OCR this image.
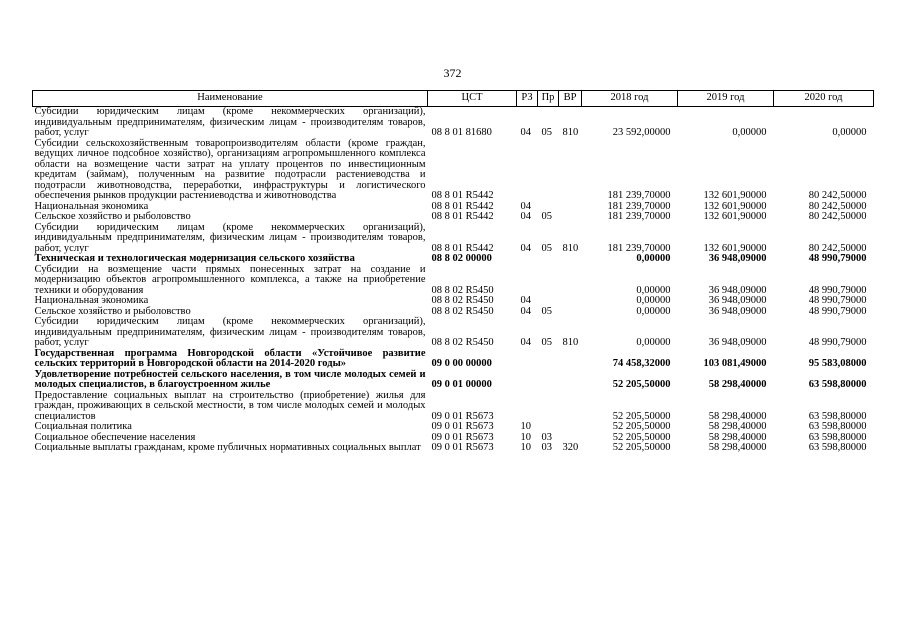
372
Наименование	ЦСТ	РЗ	Пр	ВР	2018 год	2019 год	2020 год
Субсидии юридическим лицам (кроме некоммерческих организаций), индивидуальным предпринимателям, физическим лицам - производителям товаров, работ, услуг	08 8 01 81680	04	05	810	23 592,00000	0,00000	0,00000
Субсидии сельскохозяйственным товаропроизводителям области (кроме граждан, ведущих личное подсобное хозяйство), организациям агропромышленного комплекса области на возмещение части затрат на уплату процентов по инвестиционным кредитам (займам), полученным на развитие подотрасли растениеводства и подотрасли животноводства, переработки, инфраструктуры и логистического обеспечения рынков продукции растениеводства и животноводства	08 8 01 R5442				181 239,70000	132 601,90000	80 242,50000
Национальная экономика	08 8 01 R5442	04			181 239,70000	132 601,90000	80 242,50000
Сельское хозяйство и рыболовство	08 8 01 R5442	04	05		181 239,70000	132 601,90000	80 242,50000
Субсидии юридическим лицам (кроме некоммерческих организаций), индивидуальным предпринимателям, физическим лицам - производителям товаров, работ, услуг	08 8 01 R5442	04	05	810	181 239,70000	132 601,90000	80 242,50000
Техническая и технологическая модернизация сельского хозяйства	08 8 02 00000				0,00000	36 948,09000	48 990,79000
Субсидии на возмещение части прямых понесенных затрат на создание и модернизацию объектов агропромышленного комплекса, а также на приобретение техники и оборудования	08 8 02 R5450				0,00000	36 948,09000	48 990,79000
Национальная экономика	08 8 02 R5450	04			0,00000	36 948,09000	48 990,79000
Сельское хозяйство и рыболовство	08 8 02 R5450	04	05		0,00000	36 948,09000	48 990,79000
Субсидии юридическим лицам (кроме некоммерческих организаций), индивидуальным предпринимателям, физическим лицам - производителям товаров, работ, услуг	08 8 02 R5450	04	05	810	0,00000	36 948,09000	48 990,79000
Государственная программа Новгородской области «Устойчивое развитие сельских территорий в Новгородской области на 2014-2020 годы»	09 0 00 00000				74 458,32000	103 081,49000	95 583,08000
Удовлетворение потребностей сельского населения, в том числе молодых семей и молодых специалистов, в благоустроенном жилье	09 0 01 00000				52 205,50000	58 298,40000	63 598,80000
Предоставление социальных выплат на строительство (приобретение) жилья для граждан, проживающих в сельской местности, в том числе молодых семей и молодых специалистов	09 0 01 R5673				52 205,50000	58 298,40000	63 598,80000
Социальная политика	09 0 01 R5673	10			52 205,50000	58 298,40000	63 598,80000
Социальное обеспечение населения	09 0 01 R5673	10	03		52 205,50000	58 298,40000	63 598,80000
Социальные выплаты гражданам, кроме публичных нормативных социальных выплат	09 0 01 R5673	10	03	320	52 205,50000	58 298,40000	63 598,80000
